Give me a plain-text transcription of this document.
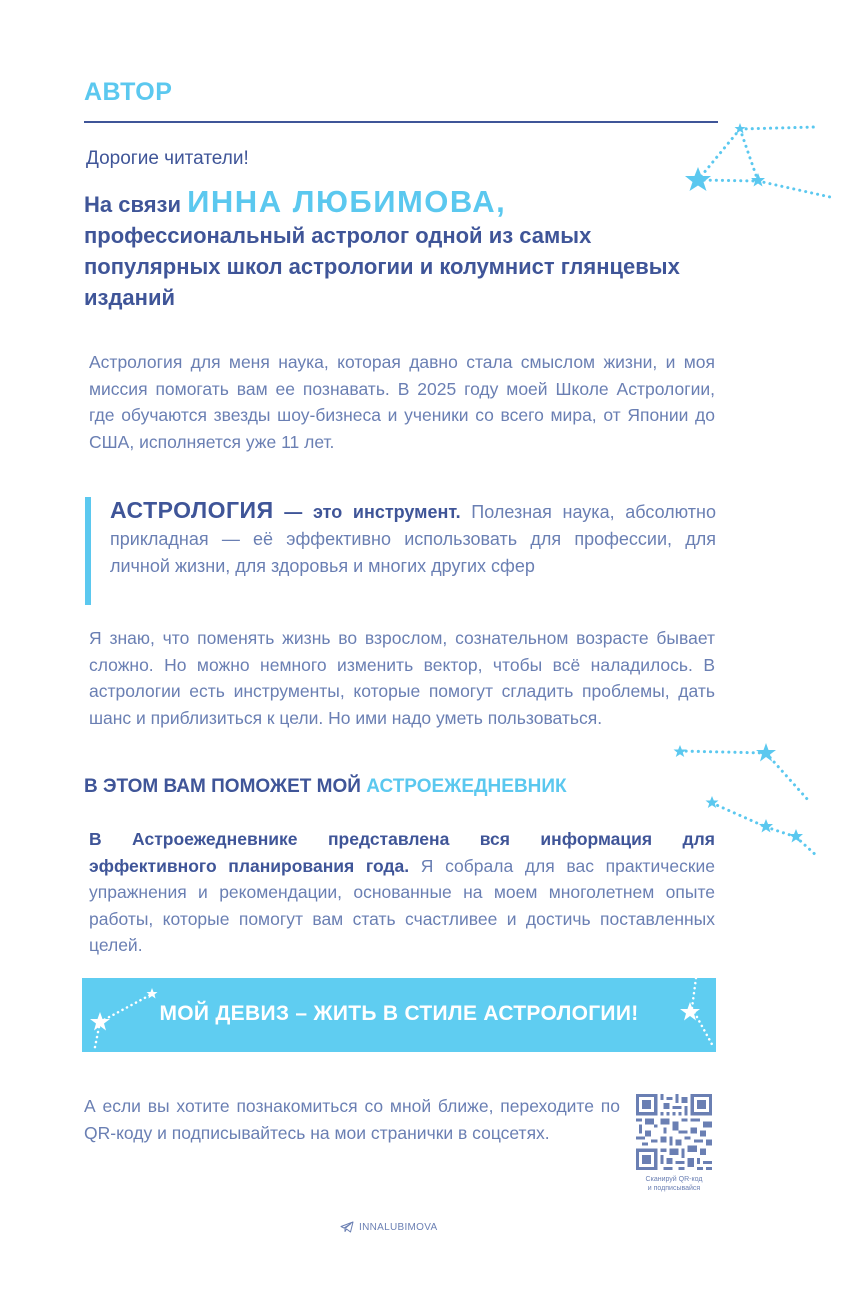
АВТОР
Дорогие читатели!
На связи ИННА ЛЮБИМОВА,
профессиональный астролог одной из самых популярных школ астрологии и колумнист глянцевых изданий
Астрология для меня наука, которая давно стала смыслом жизни, и моя миссия помогать вам ее познавать. В 2025 году моей Школе Астрологии, где обучаются звезды шоу-бизнеса и ученики со всего мира, от Японии до США, исполняется уже 11 лет.
АСТРОЛОГИЯ — это инструмент. Полезная наука, абсолютно прикладная — её эффективно использовать для профессии, для личной жизни, для здоровья и многих других сфер
Я знаю, что поменять жизнь во взрослом, сознательном возрасте бывает сложно. Но можно немного изменить вектор, чтобы всё наладилось. В астрологии есть инструменты, которые помогут сгладить проблемы, дать шанс и приблизиться к цели. Но ими надо уметь пользоваться.
В ЭТОМ ВАМ ПОМОЖЕТ МОЙ АСТРОЕЖЕДНЕВНИК
В Астроежедневнике представлена вся информация для эффективного планирования года. Я собрала для вас практические упражнения и рекомендации, основанные на моем многолетнем опыте работы, которые помогут вам стать счастливее и достичь поставленных целей.
МОЙ ДЕВИЗ – ЖИТЬ В СТИЛЕ АСТРОЛОГИИ!
А если вы хотите познакомиться со мной ближе, переходите по QR-коду и подписывайтесь на мои странички в соцсетях.
Сканируй QR-код
и подписывайся
INNALUBIMOVA
